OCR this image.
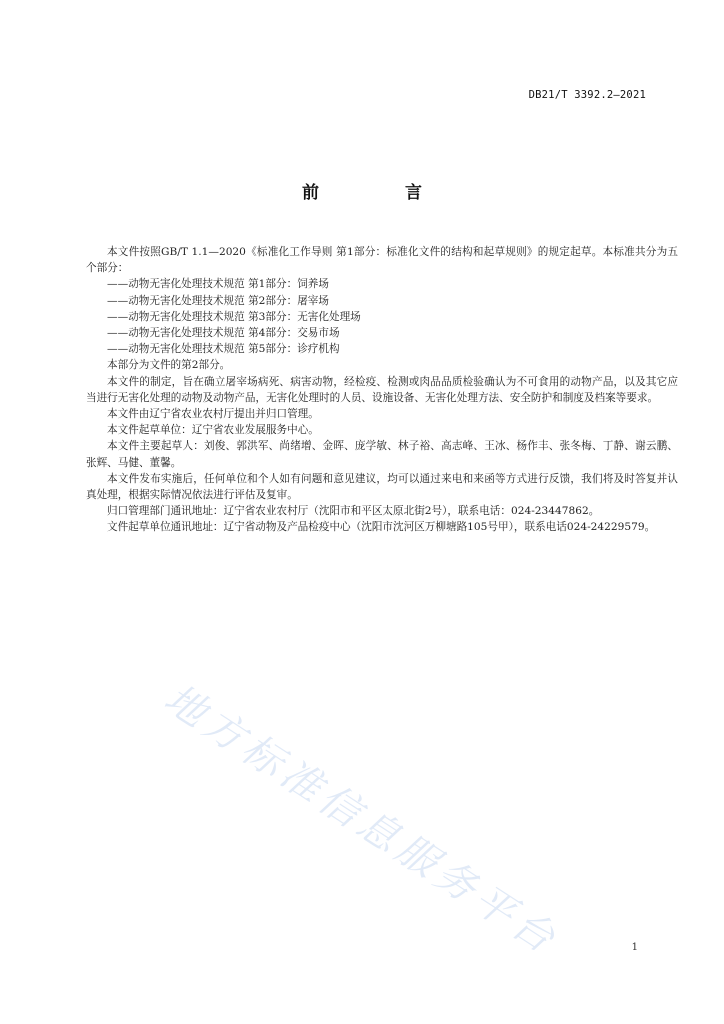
DB21/T 3392.2—2021
前 言

本文件按照GB/T 1.1—2020《标准化工作导则 第1部分：标准化文件的结构和起草规则》的规定起草。本标准共分为五个部分：

——动物无害化处理技术规范 第1部分：饲养场

——动物无害化处理技术规范 第2部分：屠宰场

——动物无害化处理技术规范 第3部分：无害化处理场

——动物无害化处理技术规范 第4部分：交易市场

——动物无害化处理技术规范 第5部分：诊疗机构

本部分为文件的第2部分。

本文件的制定，旨在确立屠宰场病死、病害动物，经检疫、检测或肉品品质检验确认为不可食用的动物产品，以及其它应当进行无害化处理的动物及动物产品，无害化处理时的人员、设施设备、无害化处理方法、安全防护和制度及档案等要求。

本文件由辽宁省农业农村厅提出并归口管理。

本文件起草单位：辽宁省农业发展服务中心。

本文件主要起草人：刘俊、郭洪军、尚绪增、金晖、庞学敏、林子裕、高志峰、王冰、杨作丰、张冬梅、丁静、谢云鹏、张辉、马健、董馨。

本文件发布实施后，任何单位和个人如有问题和意见建议，均可以通过来电和来函等方式进行反馈，我们将及时答复并认真处理，根据实际情况依法进行评估及复审。

归口管理部门通讯地址：辽宁省农业农村厅（沈阳市和平区太原北街2号），联系电话：024-23447862。

文件起草单位通讯地址：辽宁省动物及产品检疫中心（沈阳市沈河区万柳塘路105号甲），联系电话024-24229579。

地方标准信息服务平台	1
